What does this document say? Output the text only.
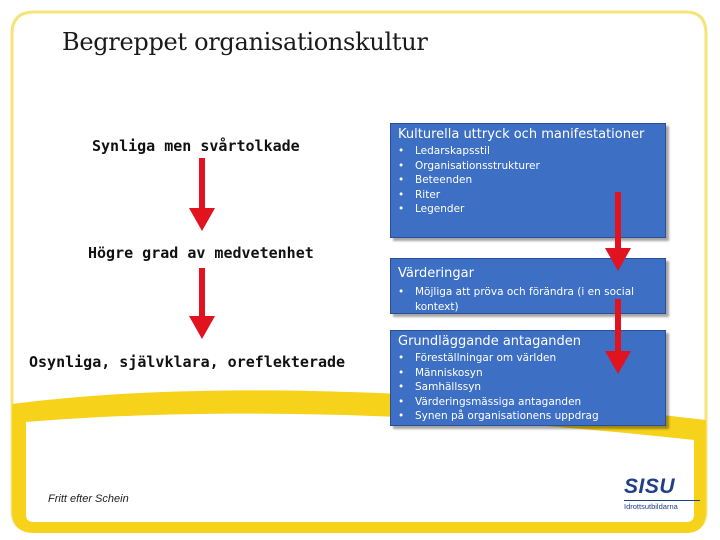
Begreppet organisationskultur
Synliga men svårtolkade
Högre grad av medvetenhet
Osynliga, självklara, oreflekterade
Kulturella uttryck och manifestationer
• Ledarskapsstil
• Organisationsstrukturer
• Beteenden
• Riter
• Legender
Värderingar
• Möjliga att pröva och förändra (i en social kontext)
Grundläggande antaganden
• Föreställningar om världen
• Människosyn
• Samhällssyn
• Värderingsmässiga antaganden
• Synen på organisationens uppdrag
Fritt efter Schein
SISU
Idrottsutbildarna
